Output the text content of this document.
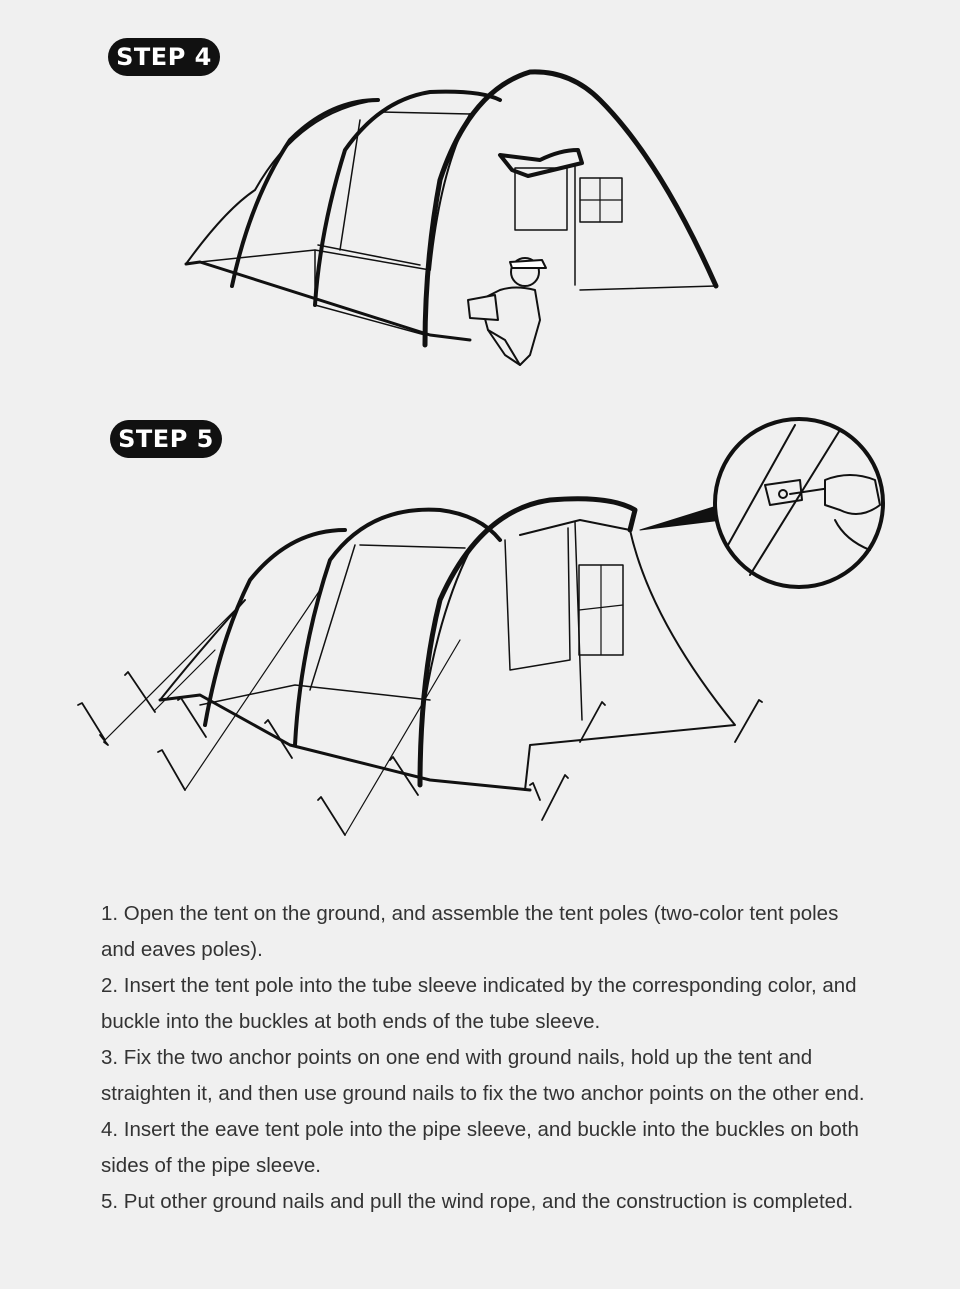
STEP 4
STEP 5

1. Open the tent on the ground, and assemble the tent poles (two-color tent poles and eaves poles).

2. Insert the tent pole into the tube sleeve indicated by the corresponding color, and buckle into the buckles at both ends of the tube sleeve.

3. Fix the two anchor points on one end with ground nails, hold up the tent and straighten it, and then use ground nails to fix the two anchor points on the other end.

4. Insert the eave tent pole into the pipe sleeve, and buckle into the buckles on both sides of the pipe sleeve.

5. Put other ground nails and pull the wind rope, and the construction is completed.
